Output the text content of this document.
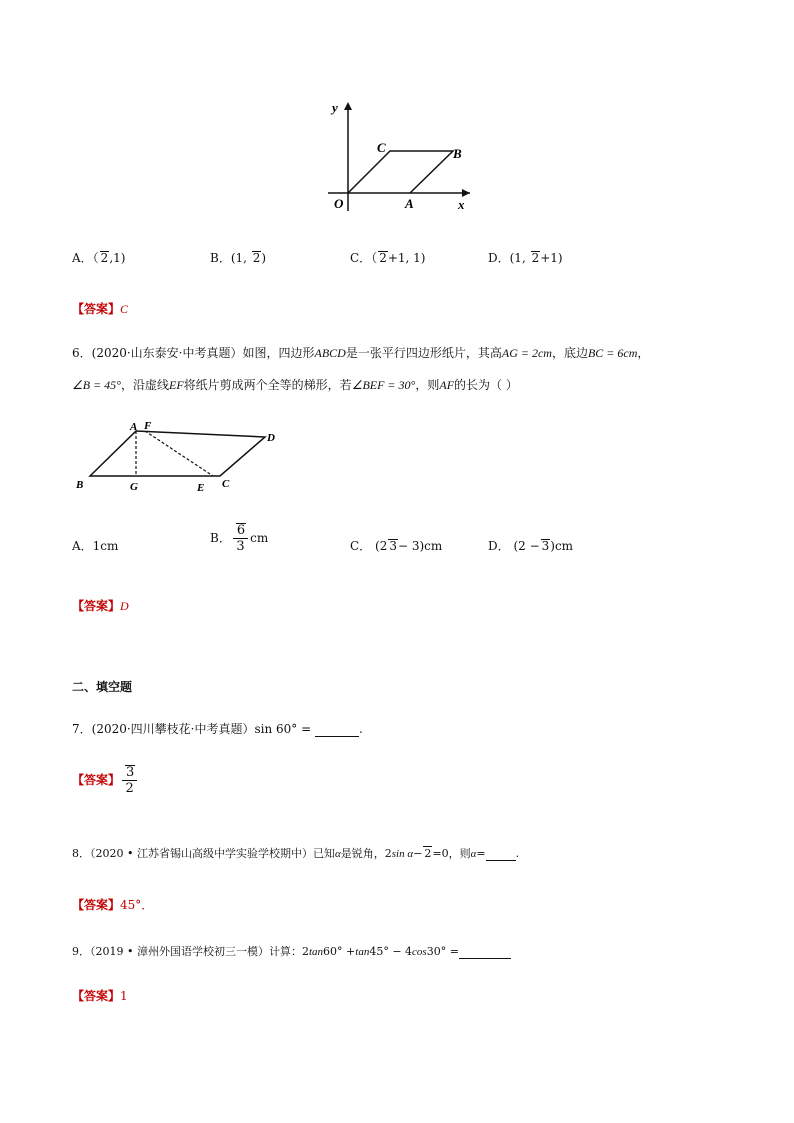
y
x
O	A
B
C
A．（ 2,1)	B．(1, 2)	C．（ 2+1, 1)	D．(1, 2+1)
【答案】C
6．(2020·山东泰安·中考真题）如图，四边形ABCD是一张平行四边形纸片，其高AG = 2cm，底边BC = 6cm，
∠B = 45°，沿虚线EF将纸片剪成两个全等的梯形，若∠BEF = 30°，则AF的长为（ ）
A F
D
B	G	E C
A．1cm
B． $\frac{6}{3}$ cm
C． (2 3− 3)cm	D． (2 − 3)cm
【答案】D
二、填空题
7．(2020·四川攀枝花·中考真题）sin 60° =	.
【答案】 $\frac{3}{2}$
8．（2020 • 江苏省锡山高级中学实验学校期中）已知α是锐角，2sin α− 2=0，则α=	.
【答案】45°．
9．（2019 • 漳州外国语学校初三一模）计算：2tan60° +tan45° − 4cos30° =
【答案】1
